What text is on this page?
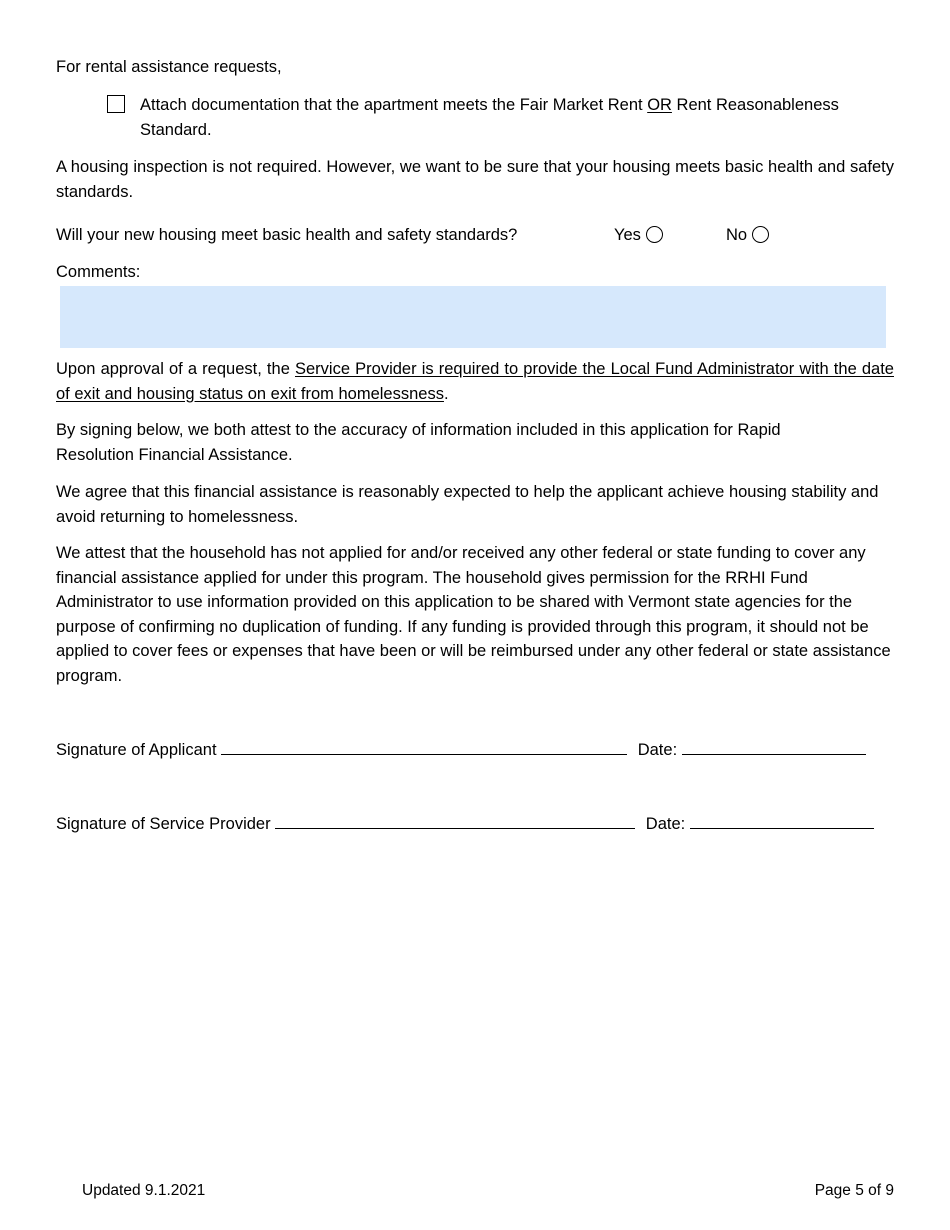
For rental assistance requests,

Attach documentation that the apartment meets the Fair Market Rent OR Rent Reasonableness Standard.

A housing inspection is not required. However, we want to be sure that your housing meets basic health and safety standards.

Will your new housing meet basic health and safety standards?	Yes	No

Comments:

Upon approval of a request, the Service Provider is required to provide the Local Fund Administrator with the date of exit and housing status on exit from homelessness.

By signing below, we both attest to the accuracy of information included in this application for Rapid Resolution Financial Assistance.

We agree that this financial assistance is reasonably expected to help the applicant achieve housing stability and avoid returning to homelessness.

We attest that the household has not applied for and/or received any other federal or state funding to cover any financial assistance applied for under this program. The household gives permission for the RRHI Fund Administrator to use information provided on this application to be shared with Vermont state agencies for the purpose of confirming no duplication of funding. If any funding is provided through this program, it should not be applied to cover fees or expenses that have been or will be reimbursed under any other federal or state assistance program.

Signature of Applicant	Date:
Signature of Service Provider	Date:
Updated 9.1.2021	Page 5 of 9
